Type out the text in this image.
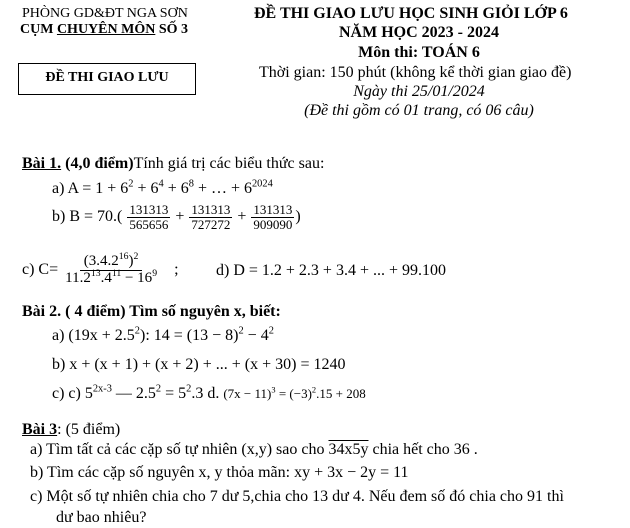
PHÒNG GD&ĐT NGA SƠN
CỤM CHUYÊN MÔN SỐ 3
ĐỀ THI GIAO LƯU
ĐỀ THI GIAO LƯU HỌC SINH GIỎI LỚP 6
NĂM HỌC 2023 - 2024
Môn thi: TOÁN 6
Thời gian: 150 phút (không kể thời gian giao đề)
Ngày thi 25/01/2024
(Đề thi gồm có 01 trang, có 06 câu)
Bài 1. (4,0 điểm)Tính giá trị các biểu thức sau:
a) $A = 1 + 6^2 + 6^4 + 6^8$ + … + $6^{2024}$
b) $B = 70.( \frac{131313}{565656} + \frac{131313}{727272} + \frac{131313}{909090}$ )
c) $C= \frac{(3.4.2^{16})^2}{11.2^{13}.4^{11} - 16^9}$ ; d) D = 1.2 + 2.3 + 3.4 + ... + 99.100
Bài 2. ( 4 điểm) Tìm số nguyên x, biết:
a) $(19x + 2.5^2)$: $14 = (13 - 8)^2 - 4^2$
b) x + (x + 1) + (x + 2) + ... + (x + 30) = 1240
c) c) $5^{2x-3}$ — $2.5^2 = 5^2.3$ d. $(7x - 11)^3 = (-3)^2.15 + 208$
Bài 3: (5 điểm)
a) Tìm tất cả các cặp số tự nhiên (x,y) sao cho 34x5y chia hết cho 36 .
b) Tìm các cặp số nguyên x, y thỏa mãn: xy + 3x − 2y = 11
c) Một số tự nhiên chia cho 7 dư 5,chia cho 13 dư 4. Nếu đem số đó chia cho 91 thì
dư bao nhiêu?
